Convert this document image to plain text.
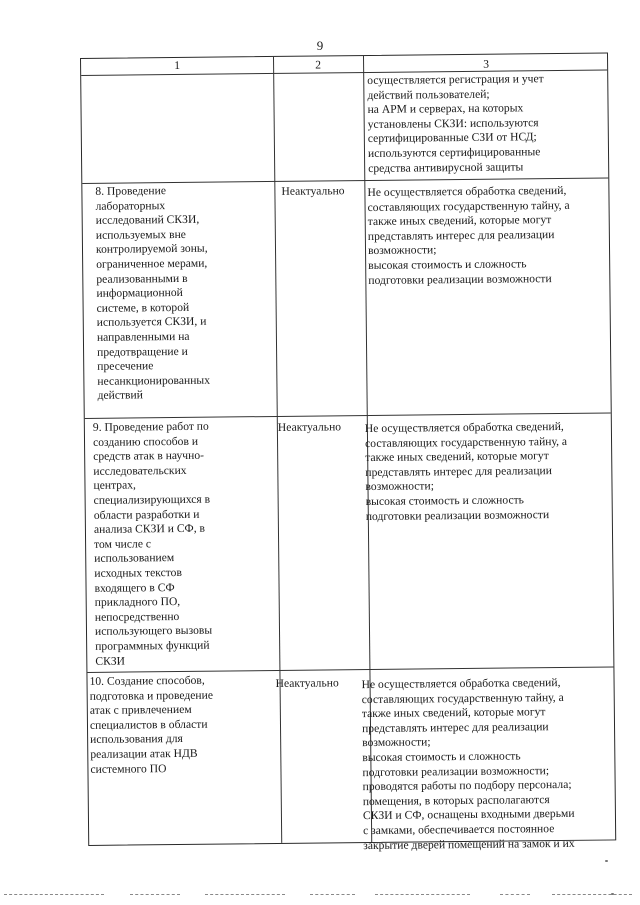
9
1	2	3
осуществляется регистрация и учет
действий пользователей;
на АРМ и серверах, на которых
установлены СКЗИ: используются
сертифицированные СЗИ от НСД;
используются сертифицированные
средства антивирусной защиты
8. Проведение
лабораторных
исследований СКЗИ,
используемых вне
контролируемой зоны,
ограниченное мерами,
реализованными в
информационной
системе, в которой
используется СКЗИ, и
направленными на
предотвращение и
пресечение
несанкционированных
действий
Неактуально Не осуществляется обработка сведений,
составляющих государственную тайну, а
также иных сведений, которые могут
представлять интерес для реализации
возможности;
высокая стоимость и сложность
подготовки реализации возможности
9. Проведение работ по
созданию способов и
средств атак в научно-
исследовательских
центрах,
специализирующихся в
области разработки и
анализа СКЗИ и СФ, в
том числе с
использованием
исходных текстов
входящего в СФ
прикладного ПО,
непосредственно
использующего вызовы
программных функций
СКЗИ
Неактуально Не осуществляется обработка сведений,
составляющих государственную тайну, а
также иных сведений, которые могут
представлять интерес для реализации
возможности;
высокая стоимость и сложность
подготовки реализации возможности
10. Создание способов,
подготовка и проведение
атак с привлечением
специалистов в области
использования для
реализации атак НДВ
системного ПО
Неактуально Не осуществляется обработка сведений,
составляющих государственную тайну, а
также иных сведений, которые могут
представлять интерес для реализации
возможности;
высокая стоимость и сложность
подготовки реализации возможности;
проводятся работы по подбору персонала;
помещения, в которых располагаются
СКЗИ и СФ, оснащены входными дверьми
с замками, обеспечивается постоянное
закрытие дверей помещений на замок и их
